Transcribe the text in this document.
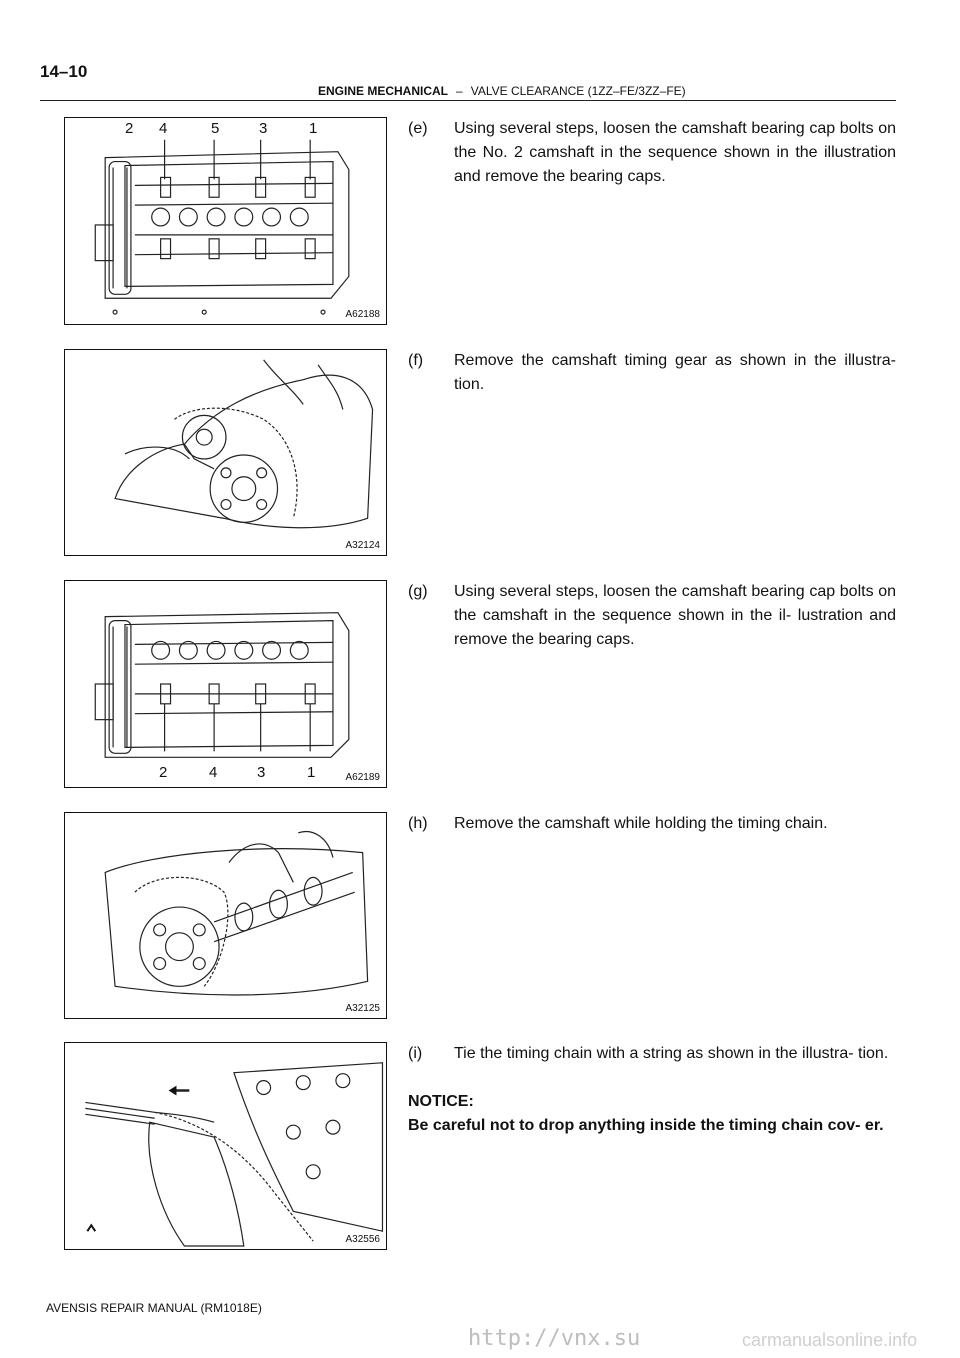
14–10
ENGINE MECHANICAL – VALVE CLEARANCE (1ZZ–FE/3ZZ–FE)
2 4	5	3	1
A62188
A32124
2	4	3	1	A62189
A32125
A32556
(e) Using several steps, loosen the camshaft bearing cap bolts on the No. 2 camshaft in the sequence shown in the illustration and remove the bearing caps.
(f) Remove the camshaft timing gear as shown in the illustra- tion.
(g) Using several steps, loosen the camshaft bearing cap bolts on the camshaft in the sequence shown in the il- lustration and remove the bearing caps.
(h) Remove the camshaft while holding the timing chain.
(i) Tie the timing chain with a string as shown in the illustra- tion.
NOTICE:
Be careful not to drop anything inside the timing chain cov- er.
AVENSIS REPAIR MANUAL (RM1018E)
http://vnx.su	carmanualsonline.info
